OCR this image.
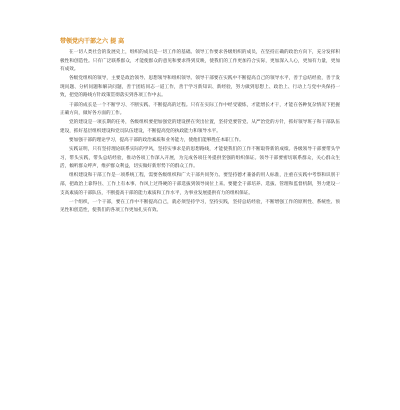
带领党内干部之六 提 高

在一切人类社会的发展史上，组织的成员是一切工作的基础。领导工作要求各级组织的成员，在坚持正确的政治方向下，充分发挥积极性和创造性。只有广泛联系群众，才能使群众的意见和要求得到反映，使我们的工作更加符合实际，更加深入人心，更加有力量，更加有成效。

各级党组织的领导，主要是政治领导、思想领导和组织领导。领导干部要在实践中不断提高自己的领导水平，善于总结经验，善于发现问题、分析问题和解决问题，善于团结同志一道工作，善于学习新知识、新经验，努力做到思想上、政治上、行动上与党中央保持一致，把党的路线方针政策贯彻落实到各项工作中去。

干部的成长是一个不断学习、不断实践、不断提高的过程。只有在实际工作中经受锻炼，才能增长才干，才能在各种复杂情况下把握正确方向，做好各方面的工作。

党的建设是一项长期的任务，各级组织要把加强党的建设摆在突出位置，坚持党要管党、从严治党的方针，抓好领导班子和干部队伍建设，抓好基层组织建设和党员队伍建设，不断提高党的执政能力和领导水平。

要加强干部的理论学习，提高干部的政治素质和业务能力，使他们能够胜任本职工作。

实践证明，只有坚持理论联系实际的学风，坚持实事求是的思想路线，才能使我们的工作不断取得新的成绩。各级领导干部要带头学习，带头实践，带头总结经验，推动各项工作深入开展，为完成各项任务提供坚强的组织保证。领导干部要密切联系群众，关心群众生活，倾听群众呼声，维护群众利益，切实做好新形势下的群众工作。

组织建设和干部工作是一项系统工程，需要各级组织和广大干部共同努力。要坚持德才兼备的用人标准，注重在实践中考察和识别干部，把政治上靠得住、工作上有本事、作风上过得硬的干部选拔到领导岗位上来。要健全干部培养、选拔、管理和监督机制，努力建设一支高素质的干部队伍，不断提高干部的能力素质和工作水平，为事业发展提供有力的组织保证。

一个组织，一个干部，要在工作中不断提高自己，就必须坚持学习，坚持实践，坚持总结经验，不断增强工作的原则性、系统性、预见性和创造性，使我们的各项工作更加扎实有效。
